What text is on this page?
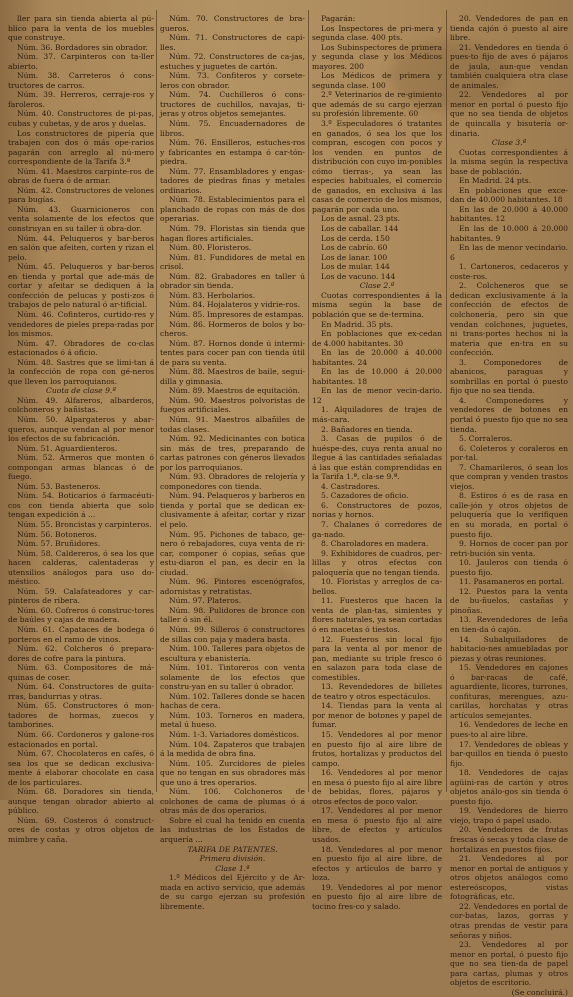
ller para sin tienda abierta al pú-blico para la venta de los muebles que construye.

Núm. 36. Bordadores sin obrador.

Núm. 37. Carpinteros con ta-ller abierto.

Núm. 38. Carreteros ó cons-tructores de carros.

Núm. 39. Herreros, cerraje-ros y faroleros.

Núm. 40. Constructores de pi-pas, cubas y cubetas, y de aros y duelas.

Los constructores de pipería que trabajen con dos ó más ope-rarios pagarán con arreglo al nú-mero correspondiente de la Tarifa 3.ª

Núm. 41. Maestros carpinte-ros de obras de fuera ó de armar.

Núm. 42. Constructores de velones para bugías.

Núm. 43. Guarnicioneros con venta solamente de los efectos que construyan en su taller ú obra-dor.

Núm. 44. Peluqueros y bar-beros en salón que afeiten, corten y rizan el pelo.

Núm. 45. Peluqueros y bar-beros en tienda y portal que ade-más de cortar y afeitar se dediquen á la confección de pelucas y posti-zos ó trabajos de pelo natural ó ar-tificial.

Núm. 46. Cofinteros, curtido-res y vendedores de pieles prepa-radas por los mismos.

Núm. 47. Obradores de co-clas estacionados ó á oficio.

Núm. 48. Sastres que se limi-tan á la confección de ropa con gé-neros que lleven los parroquianos.

Cuota de clase 9.ª

Núm. 49. Alfareros, albarderos, colchoneros y bañistas.

Núm. 50. Alpargateros y abar-queros, aunque vendan al por menor los efectos de su fabricación.

Núm. 51. Aguardienteros.

Núm. 52. Armeros que monten ó compongan armas blancas ó de fuego.

Núm. 53. Basteneros.

Núm. 54. Boticarios ó farmacéuti-cos con tienda abierta que solo tengan expedición á ...

Núm. 55. Broncistas y carpinteros.

Núm. 56. Botoneros.

Núm. 57. Bruñidores.

Núm. 58. Caldereros, ó sea los que hacen calderas, calentaderas y utensilios análogos para uso do-méstico.

Núm. 59. Calafateadores y car-pinteros de ribera.

Núm. 60. Cofreros ó construc-tores de baúles y cajas de madera.

Núm. 61. Capataces de bodega ó porteros en el ramo de vinos.

Núm. 62. Colcheros ó prepara-dores de cofre para la pintura.

Núm. 63. Compositores de má-quinas de coser.

Núm. 64. Constructores de guita-rras, bandurrias y otras.

Núm. 65. Constructores ó mon-tadores de hormas, zuecos y tamborines.

Núm. 66. Cordoneros y galone-ros estacionados en portal.

Núm. 67. Chocolateros en cafés, ó sea los que se dedican exclusiva-mente á elaborar chocolate en casa de los particulares.

Núm. 68. Doradores sin tienda, aunque tengan obrador abierto al público.

Núm. 69. Costeros ó construct-ores de costas y otros objetos de mimbre y caña.

Núm. 70. Constructores de bra-gueros.

Núm. 71. Constructores de capi-lles.

Núm. 72. Constructores de ca-jas, estuches y juguetes de cartón.

Núm. 73. Confiteros y corsete-leros con obrador.

Núm. 74. Cuchilleros ó cons-tructores de cuchillos, navajas, ti-jeras y otros objetos semejantes.

Núm. 75. Encuadernadores de libros.

Núm. 76. Ensilleros, estuches-ros y fabricantes en estampa ó car-tón-piedra.

Núm. 77. Ensambladores y engas-tadores de piedras finas y metales ordinarios.

Núm. 78. Establecimientos para el planchado de ropas con más de dos operarias.

Núm. 79. Floristas sin tienda que hagan flores artificiales.

Núm. 80. Floristeros.

Núm. 81. Fundidores de metal en crisol.

Núm. 82. Grabadores en taller ú obrador sin tienda.

Núm. 83. Herbolarios.

Núm. 84. Hojalateros y vidrie-ros.

Núm. 85. Impresores de estampas.

Núm. 86. Hormeros de bolos y bo-cheros.

Núm. 87. Hornos donde ú intermi-tentes para cocer pan con tienda útil de para su venta.

Núm. 88. Maestros de baile, segui-dilla y gimnasia.

Núm. 89. Maestros de equitación.

Núm. 90. Maestros polvoristas de fuegos artificiales.

Núm. 91. Maestros albañiles de todas clases.

Núm. 92. Medicinantes con botica sin más de tres, preparando de cartas patrones con géneros llevados por los parroquianos.

Núm. 93. Obradores de relojería y componedores con tienda.

Núm. 94. Pelaqueros y barberos en tienda y portal que se dedican ex-clusivamente á afeitar, cortar y rizar el pelo.

Núm. 95. Pichones de tabaco, ge-nero ó rebajadores, cuya venta de ri-car, componer ó copias, señas que estu-diaron el pan, es decir en la ciudad.

Núm. 96. Pintores escenógrafos, adornistas y retratistas.

Núm. 97. Plateros.

Núm. 98. Pulidores de bronce con taller ó sin él.

Núm. 99. Silleros ó constructores de sillas con paja y madera basta.

Núm. 100. Talleres para objetos de escultura y ebanistería.

Núm. 101. Tintoreros con venta solamente de los efectos que constru-yan en su taller ú obrador.

Núm. 102. Talleres donde se hacen hachas de cera.

Núm. 103. Torneros en madera, metal ú hueso.

Núm. 1-3. Variadores domésticos.

Núm. 104. Zapateros que trabajen á la medida de obra fina.

Núm. 105. Zurcidores de pieles que no tengan en sus obradores más que uno á tres operarios.

Núm. 106. Colchoneros de colchones de cama de plumas ó á otras más de dos operarios.

Sobre el cual ha tenido en cuenta las industrias de los Estados de arquería ...

TARIFA DE PATENTES.

Primera división.

Clase 1.ª

1.º Médicos del Ejército y de Ar-mada en activo servicio, que además de su cargo ejerzan su profesión libremente.

Pagarán:

Los Inspectores de pri-mera y segunda clase. 400 pts.

Los Subinspectores de primera y segunda clase y los Médicos mayores. 200

Los Médicos de primera y segunda clase. 100

2.º Veterinarios de re-gimiento que además de su cargo ejerzan su profesión libremente. 60

3.º Especuladores ó tratantes en ganados, ó sea los que los compran, escogen con pocos y los venden en puntos de distribución con cuyo im-ponibles cómo tierras-, ya sean las especies habituales, el comercio de ganados, en exclusiva á las casas de comercio de los mismos, pagarán por cada uno.

Los de asnal. 23 pts.

Los de caballar. 144

Los de cerda. 150

Los de cabrío. 60

Los de lanar. 100

Los de mular. 144

Los de vacuno. 144

Clase 2.ª

Cuotas correspondientes á la misma según la base de población que se de-termina.

En Madrid. 35 pts.

En poblaciones que ex-cedan de 4.000 habitantes. 30

En las de 20.000 á 40.000 habitantes. 24

En las de 10.000 á 20.000 habitantes. 18

En las de menor vecin-dario. 12

1. Alquiladores de trajes de más-cara.

2. Bañadores en tienda.

3. Casas de pupilos ó de huéspe-des, cuya renta anual no llegue á las cantidades señaladas á las que están comprendidas en la Tarifa 1.ª, cla-se 9.ª.

4. Castradores.

5. Cazadores de oficio.

6. Constructores de pozos, norias y hornos.

7. Chalanes ó corredores de ga-nado.

8. Charoladores en madera.

9. Exhibidores de cuadros, per-lillas y otros efectos con paloquería que no tengan tienda.

10. Floristas y arreglos de ca-bellos.

11. Fuesteros que hacen la venta de plan-tas, simientes y flores naturales, ya sean cortadas ó en macetas ó tiestos.

12. Fuesteros sin local fijo para la venta al por menor de pan, mediante su triple fresco ó en salazon para toda clase de comestibles.

13. Revendedores de billetes de teatro y otros espectáculos.

14. Tiendas para la venta al por menor de botones y papel de fumar.

15. Vendedores al por menor en puesto fijo al aire libre de frutos, hortalizas y productos del campo.

16. Vendedores al por menor en mesa ó puesto fijo al aire libre de bebidas, flores, pájaros y otros efectos de poco valor.

17. Vendedores al por menor en mesa ó puesto fijo al aire libre, de efectos y artículos usados.

18. Vendedores al por menor en puesto fijo al aire libre, de efectos y artículos de barro y loza.

19. Vendedores al por menor en puesto fijo al aire libre de tocino fres-co y salado.

20. Vendedores de pan en tienda cajón ó puesto al aire libre.

21. Vendedores en tienda ó pues-to fijo de aves ó pájaros de jaula, aun-que vendan también cualquiera otra clase de animales.

22. Vendedores al por menor en portal ó puesto fijo que no sea tienda de objetos de quincalla y bisutería or-dinaria.

Clase 3.ª

Cuotas correspondientes á la misma según la respectiva base de población.

En Madrid. 24 pts.

En poblaciones que exce-dan de 40.000 habitantes. 18

En las de 20.000 á 40.000 habitantes. 12

En las de 10.000 á 20.000 habitantes. 9

En las de menor vecindario. 6

1. Cartoneros, cedaceros y coste-ros.

2. Colcheneros que se dedican exclusivamente á la confección de efectos de colchonería, pero sin que vendan colchones, juguetes, ni trans-portes hechos ni la materia que en-tra en su confección.

3. Componedores de abanicos, paraguas y sombrillas en portal ó puesto fijo que no sea tienda.

4. Componedores y vendedores de botones en portal ó puesto fijo que no sea tienda.

5. Corraleros.

6. Coleteros y coraleros en por-tal.

7. Chamarileros, ó sean los que compran y venden trastos viejos.

8. Estiros ó es de rasa en calle-jón y otros objetos de peluquería que lo verifiquen en su morada, en portal ó puesto fijo.

9. Hornos de cocer pan por retri-bución sin venta.

10. Jauleros con tienda ó puesto fijo.

11. Pasamaneros en portal.

12. Puestos para la venta de bu-ñuelos, castañas y pinoñas.

13. Revendedores de leña en tien-da ó cajón.

14. Subalquiladores de habitacio-nes amuebladas por piezas y otras reuniones.

15. Vendedores en cajones ó bar-racas de café, aguardiente, licores, turrones, confituras, merengues, azu-carillas, horchatas y otras artículos semejantes.

16. Vendedores de leche en pues-to al aire libre.

17. Vendedores de obleas y bar-quillos en tienda ó puesto fijo.

18. Vendedores de cajas agüini-ras de cartón y otros objetos análo-gos sin tienda ó puesto fijo.

19. Vendedores de hierro viejo, trapo ó papel usado.

20. Vendedores de frutas frescas ó secas y toda clase de hortalizas en puestos fijos.

21. Vendedores al por menor en portal de antiguos y otros objetos análogos como estereóscopos, vistas fotográficas, etc.

22. Vendedores en portal de cor-batas, lazos, gorras y otras prendas de vestir para señoras y niños.

23. Vendedores al por menor en portal, ó puesto fijo que no sea tien-da de papel para cartas, plumas y otros objetos de escritorio.

(Se concluirá.)
